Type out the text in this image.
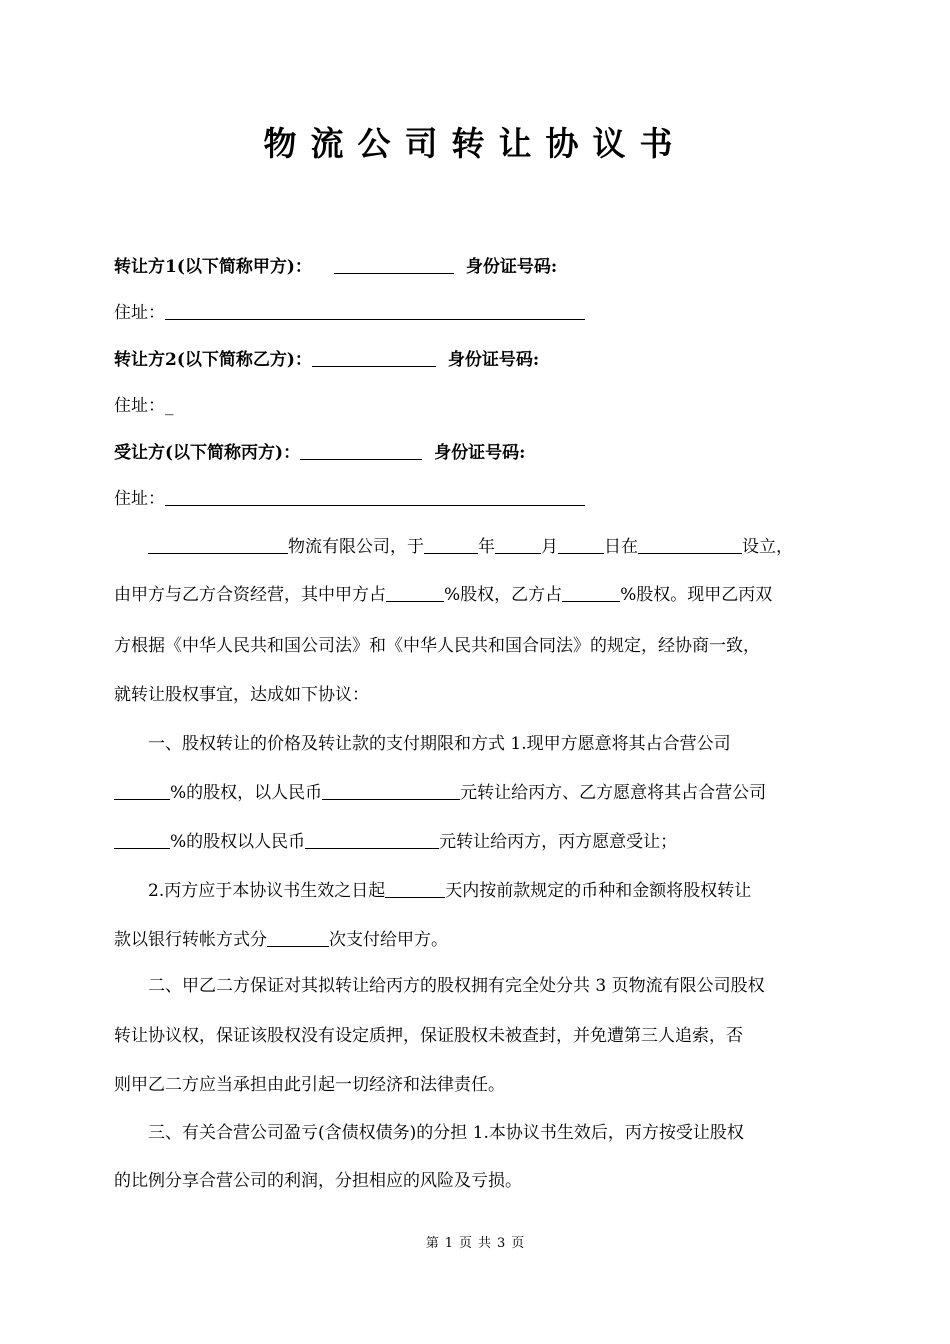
物流公司转让协议书
转让方1(以下简称甲方)：	身份证号码:
住址：
转让方2(以下简称乙方)：	身份证号码:
住址：_
受让方(以下简称丙方)：	身份证号码:
住址：
物流有限公司，于	年	月	日在	设立，
由甲方与乙方合资经营，其中甲方占	%股权，乙方占	%股权。现甲乙丙双
方根据《中华人民共和国公司法》和《中华人民共和国合同法》的规定，经协商一致，
就转让股权事宜，达成如下协议：
一、股权转让的价格及转让款的支付期限和方式 1.现甲方愿意将其占合营公司
%的股权，以人民币	元转让给丙方、乙方愿意将其占合营公司
%的股权以人民币	元转让给丙方，丙方愿意受让；
2.丙方应于本协议书生效之日起	天内按前款规定的币种和金额将股权转让
款以银行转帐方式分	次支付给甲方。
二、甲乙二方保证对其拟转让给丙方的股权拥有完全处分共 3 页物流有限公司股权
转让协议权，保证该股权没有设定质押，保证股权未被查封，并免遭第三人追索，否
则甲乙二方应当承担由此引起一切经济和法律责任。
三、有关合营公司盈亏(含债权债务)的分担 1.本协议书生效后，丙方按受让股权
的比例分享合营公司的利润，分担相应的风险及亏损。
第 1 页 共 3 页
